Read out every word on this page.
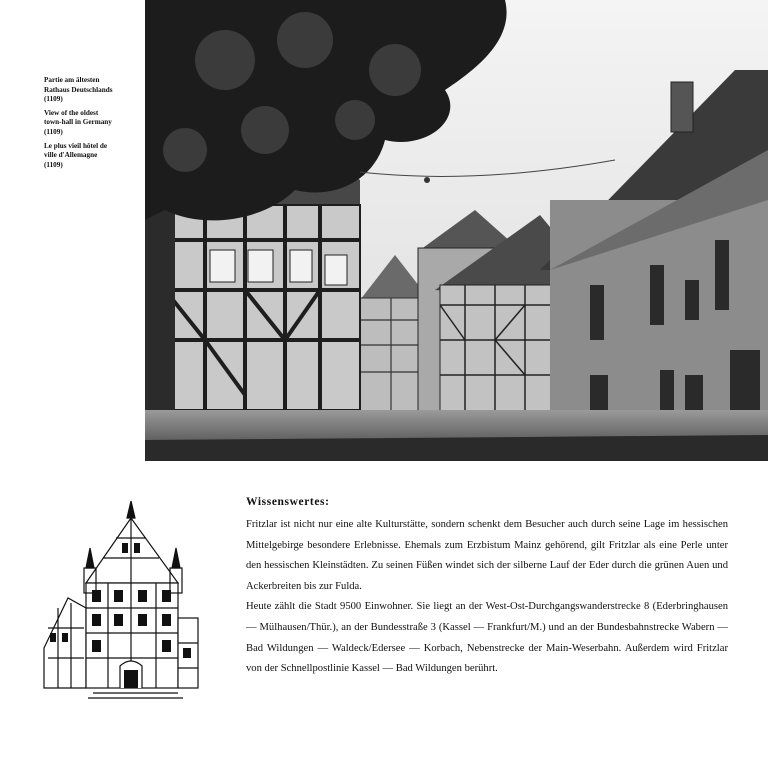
Partie am ältesten
Rathaus Deutschlands
(1109)

View of the oldest
town-hall in Germany
(1109)

Le plus vieil hôtel de
ville d'Allemagne
(1109)

Wissenswertes:

Fritzlar ist nicht nur eine alte Kulturstätte, sondern schenkt dem Besucher auch durch seine Lage im hessischen Mittelgebirge besondere Erlebnisse. Ehemals zum Erzbistum Mainz gehörend, gilt Fritzlar als eine Perle unter den hessischen Kleinstädten. Zu seinen Füßen windet sich der silberne Lauf der Eder durch die grünen Auen und Ackerbreiten bis zur Fulda.

Heute zählt die Stadt 9500 Einwohner. Sie liegt an der West-Ost-Durchgangswanderstrecke 8 (Ederbringhausen — Mülhausen/Thür.), an der Bundesstraße 3 (Kassel — Frankfurt/M.) und an der Bundesbahnstrecke Wabern — Bad Wildungen — Waldeck/Edersee — Korbach, Nebenstrecke der Main-Weserbahn. Außerdem wird Fritzlar von der Schnellpostlinie Kassel — Bad Wildungen berührt.
